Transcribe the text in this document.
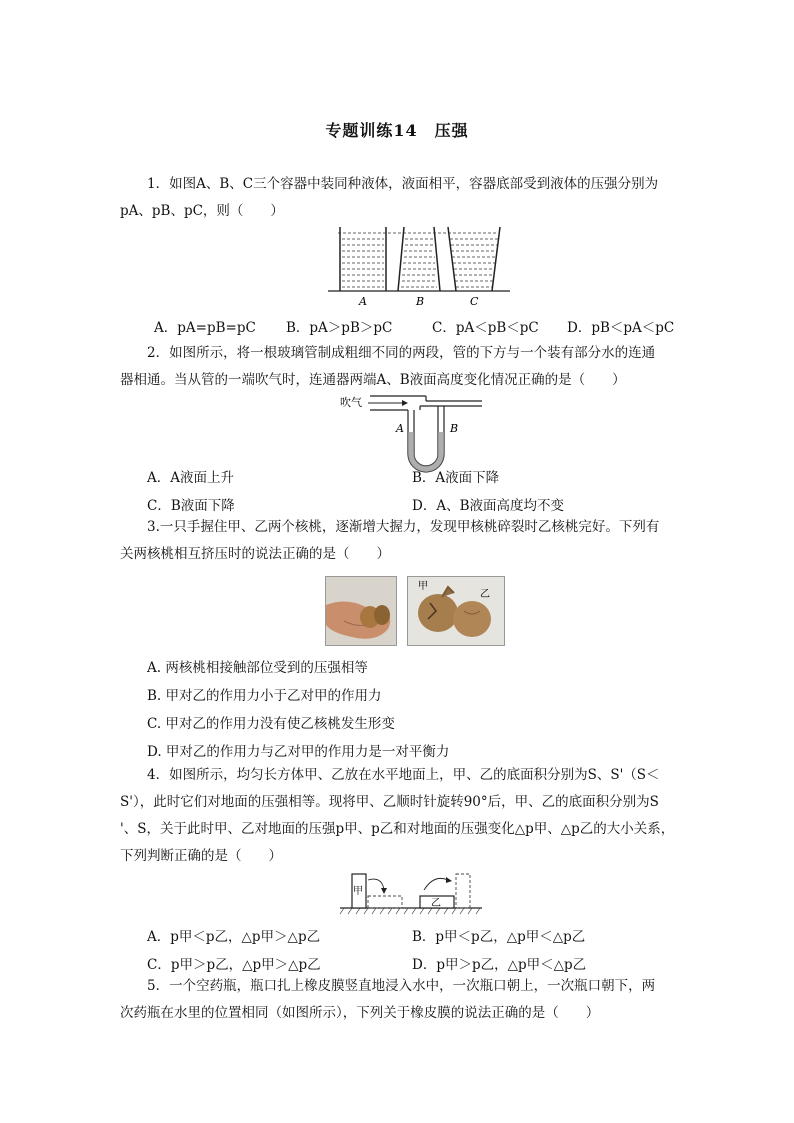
专题训练14　压强
1．如图A、B、C三个容器中装同种液体，液面相平，容器底部受到液体的压强分别为
pA、pB、pC，则（　　）
A	B	C
A．pA=pB=pC B．pA＞pB＞pC	C．pA＜pB＜pC D．pB＜pA＜pC
2．如图所示，将一根玻璃管制成粗细不同的两段，管的下方与一个装有部分水的连通
器相通。当从管的一端吹气时，连通器两端A、B液面高度变化情况正确的是（　　）
吹气
A	B
A．A液面上升	B．A液面下降
C．B液面下降	D．A、B液面高度均不变
3.一只手握住甲、乙两个核桃，逐渐增大握力，发现甲核桃碎裂时乙核桃完好。下列有
关两核桃相互挤压时的说法正确的是（　　）
甲
乙
A. 两核桃相接触部位受到的压强相等
B. 甲对乙的作用力小于乙对甲的作用力
C. 甲对乙的作用力没有使乙核桃发生形变
D. 甲对乙的作用力与乙对甲的作用力是一对平衡力
4．如图所示，均匀长方体甲、乙放在水平地面上，甲、乙的底面积分别为S、S'（S＜
S'），此时它们对地面的压强相等。现将甲、乙顺时针旋转90°后，甲、乙的底面积分别为S
'、S，关于此时甲、乙对地面的压强p甲、p乙和对地面的压强变化△p甲、△p乙的大小关系，
下列判断正确的是（　　）
甲
乙
A．p甲＜p乙，△p甲＞△p乙	B．p甲＜p乙，△p甲＜△p乙
C．p甲＞p乙，△p甲＞△p乙	D．p甲＞p乙，△p甲＜△p乙
5．一个空药瓶，瓶口扎上橡皮膜竖直地浸入水中，一次瓶口朝上，一次瓶口朝下，两
次药瓶在水里的位置相同（如图所示），下列关于橡皮膜的说法正确的是（　　）
